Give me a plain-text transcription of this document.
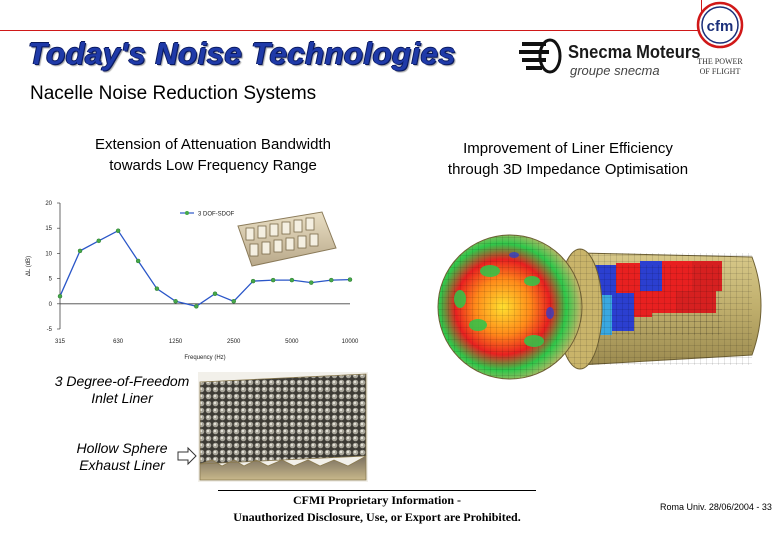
Today's Noise Technologies
Nacelle Noise Reduction Systems
Snecma Moteurs
groupe snecma
cfm
THE POWER
OF FLIGHT
Extension of Attenuation Bandwidth
towards Low Frequency Range
Improvement of Liner Efficiency
through 3D Impedance Optimisation
20
15
10
5
0
-5
315	630	1250	2500	5000	10000
Frequency (Hz)
ΔL (dB)
3 DOF-SDOF
3 Degree-of-Freedom
Inlet Liner
Hollow Sphere
Exhaust Liner
CFMI Proprietary Information -
Unauthorized Disclosure, Use, or Export are Prohibited.
Roma Univ. 28/06/2004 - 33
